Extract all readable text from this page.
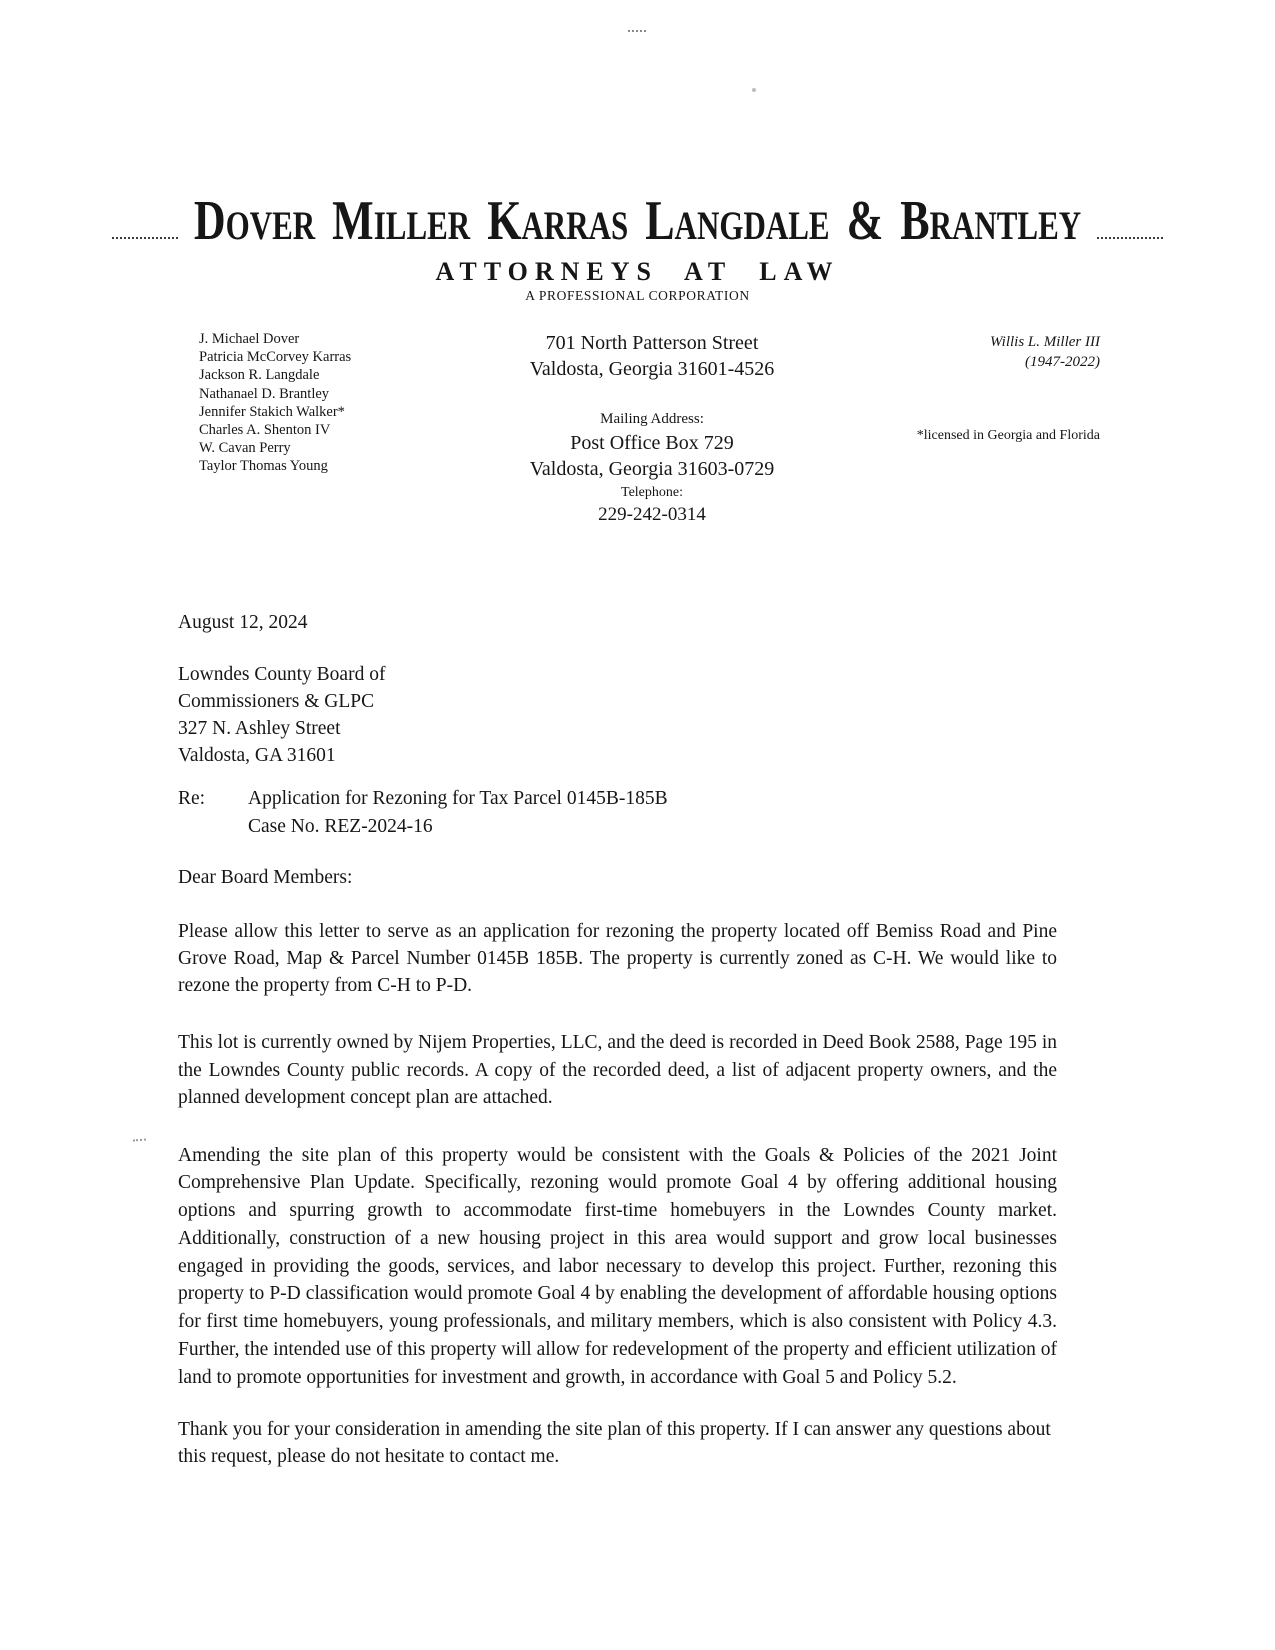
Dover Miller Karras Langdale & Brantley
ATTORNEYS AT LAW
A PROFESSIONAL CORPORATION
J. Michael Dover
Patricia McCorvey Karras
Jackson R. Langdale
Nathanael D. Brantley
Jennifer Stakich Walker*
Charles A. Shenton IV
W. Cavan Perry
Taylor Thomas Young
701 North Patterson Street
Valdosta, Georgia 31601-4526
Mailing Address:
Post Office Box 729
Valdosta, Georgia 31603-0729
Telephone:
229-242-0314
Willis L. Miller III
(1947-2022)
*licensed in Georgia and Florida
August 12, 2024
Lowndes County Board of
Commissioners & GLPC
327 N. Ashley Street
Valdosta, GA 31601
Re:	Application for Rezoning for Tax Parcel 0145B-185B
Case No. REZ-2024-16
Dear Board Members:

Please allow this letter to serve as an application for rezoning the property located off Bemiss Road and Pine Grove Road, Map & Parcel Number 0145B 185B. The property is currently zoned as C-H. We would like to rezone the property from C-H to P-D.

This lot is currently owned by Nijem Properties, LLC, and the deed is recorded in Deed Book 2588, Page 195 in the Lowndes County public records. A copy of the recorded deed, a list of adjacent property owners, and the planned development concept plan are attached.

Amending the site plan of this property would be consistent with the Goals & Policies of the 2021 Joint Comprehensive Plan Update. Specifically, rezoning would promote Goal 4 by offering additional housing options and spurring growth to accommodate first-time homebuyers in the Lowndes County market. Additionally, construction of a new housing project in this area would support and grow local businesses engaged in providing the goods, services, and labor necessary to develop this project. Further, rezoning this property to P-D classification would promote Goal 4 by enabling the development of affordable housing options for first time homebuyers, young professionals, and military members, which is also consistent with Policy 4.3. Further, the intended use of this property will allow for redevelopment of the property and efficient utilization of land to promote opportunities for investment and growth, in accordance with Goal 5 and Policy 5.2.

Thank you for your consideration in amending the site plan of this property. If I can answer any questions about this request, please do not hesitate to contact me.
